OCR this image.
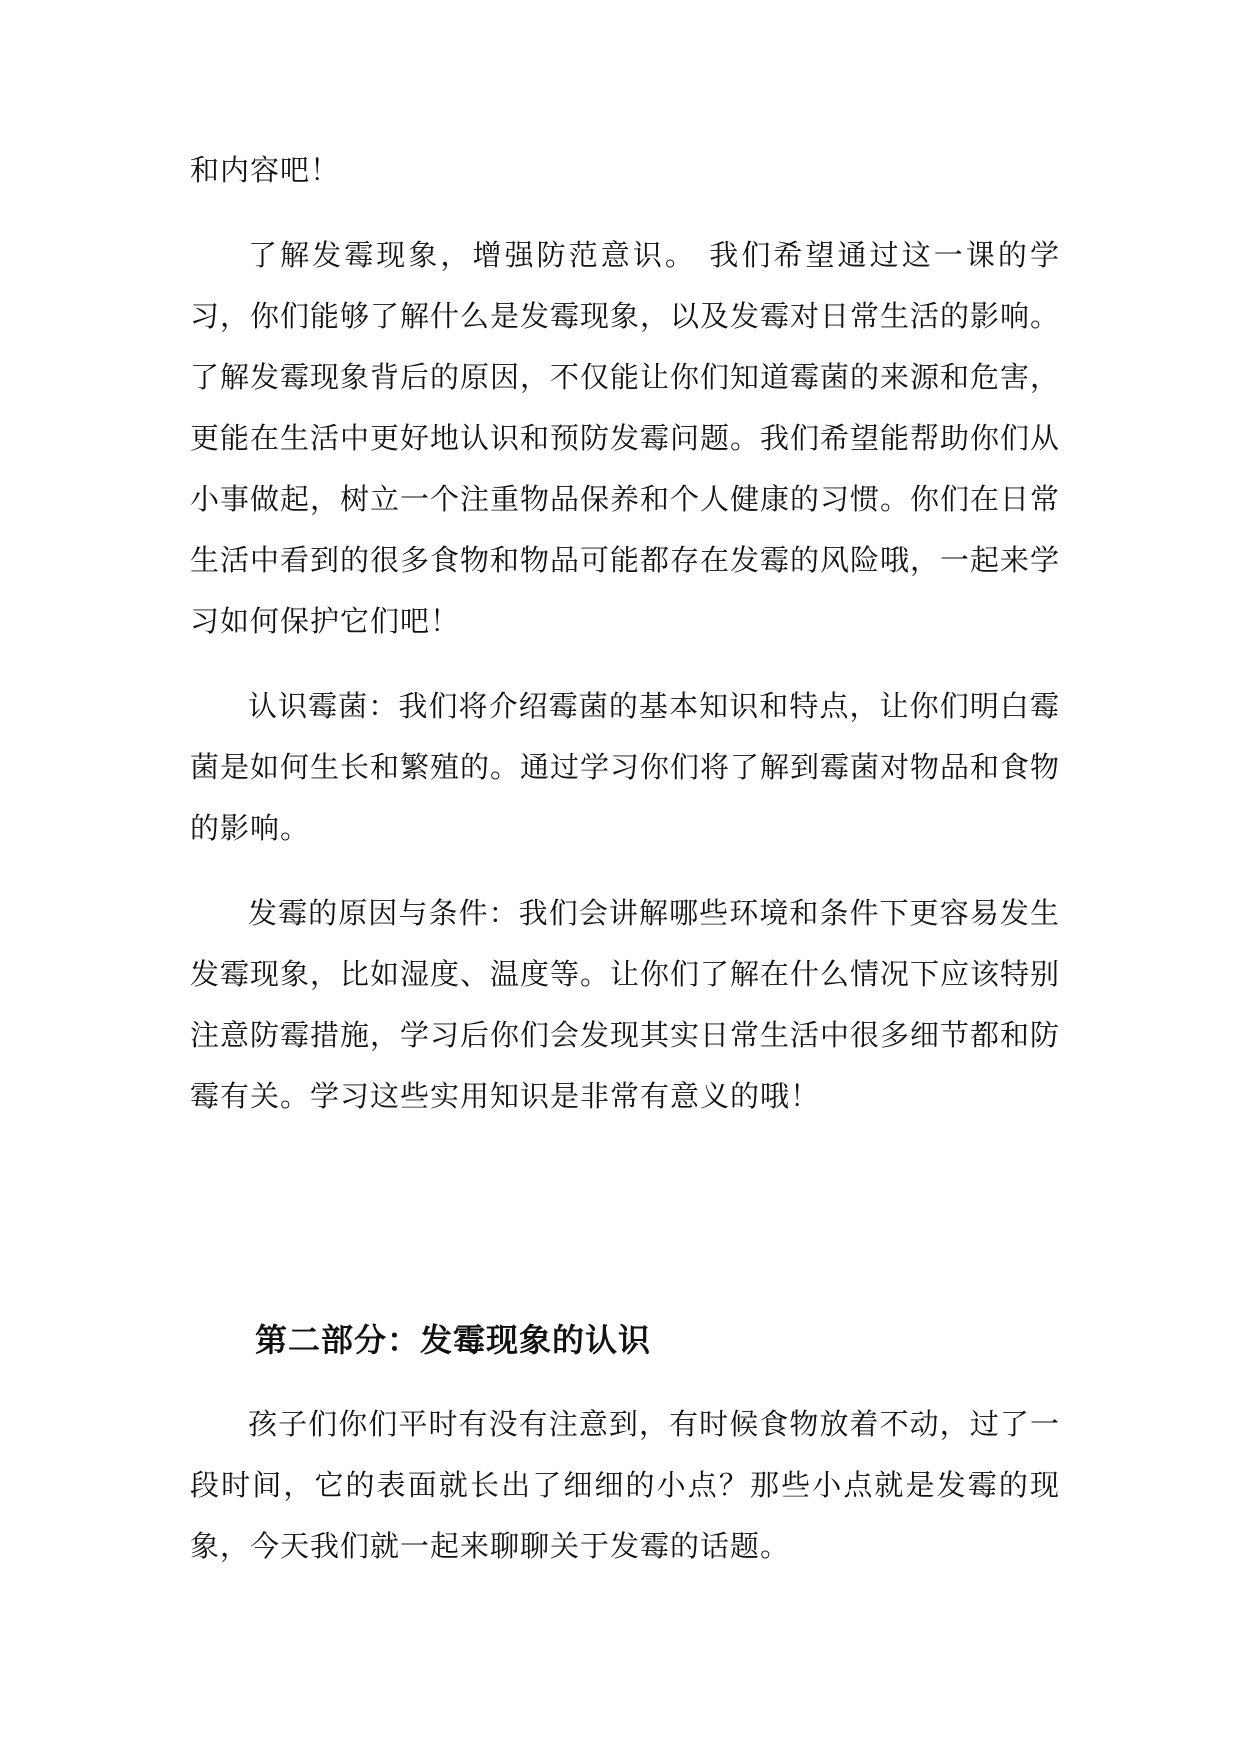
和内容吧！

了解发霉现象，增强防范意识。 我们希望通过这一课的学习，你们能够了解什么是发霉现象，以及发霉对日常生活的影响。了解发霉现象背后的原因，不仅能让你们知道霉菌的来源和危害，更能在生活中更好地认识和预防发霉问题。我们希望能帮助你们从小事做起，树立一个注重物品保养和个人健康的习惯。你们在日常生活中看到的很多食物和物品可能都存在发霉的风险哦，一起来学习如何保护它们吧！

认识霉菌：我们将介绍霉菌的基本知识和特点，让你们明白霉菌是如何生长和繁殖的。通过学习你们将了解到霉菌对物品和食物的影响。

发霉的原因与条件：我们会讲解哪些环境和条件下更容易发生发霉现象，比如湿度、温度等。让你们了解在什么情况下应该特别注意防霉措施，学习后你们会发现其实日常生活中很多细节都和防霉有关。学习这些实用知识是非常有意义的哦！

第二部分：发霉现象的认识

孩子们你们平时有没有注意到，有时候食物放着不动，过了一段时间，它的表面就长出了细细的小点？那些小点就是发霉的现象，今天我们就一起来聊聊关于发霉的话题。
